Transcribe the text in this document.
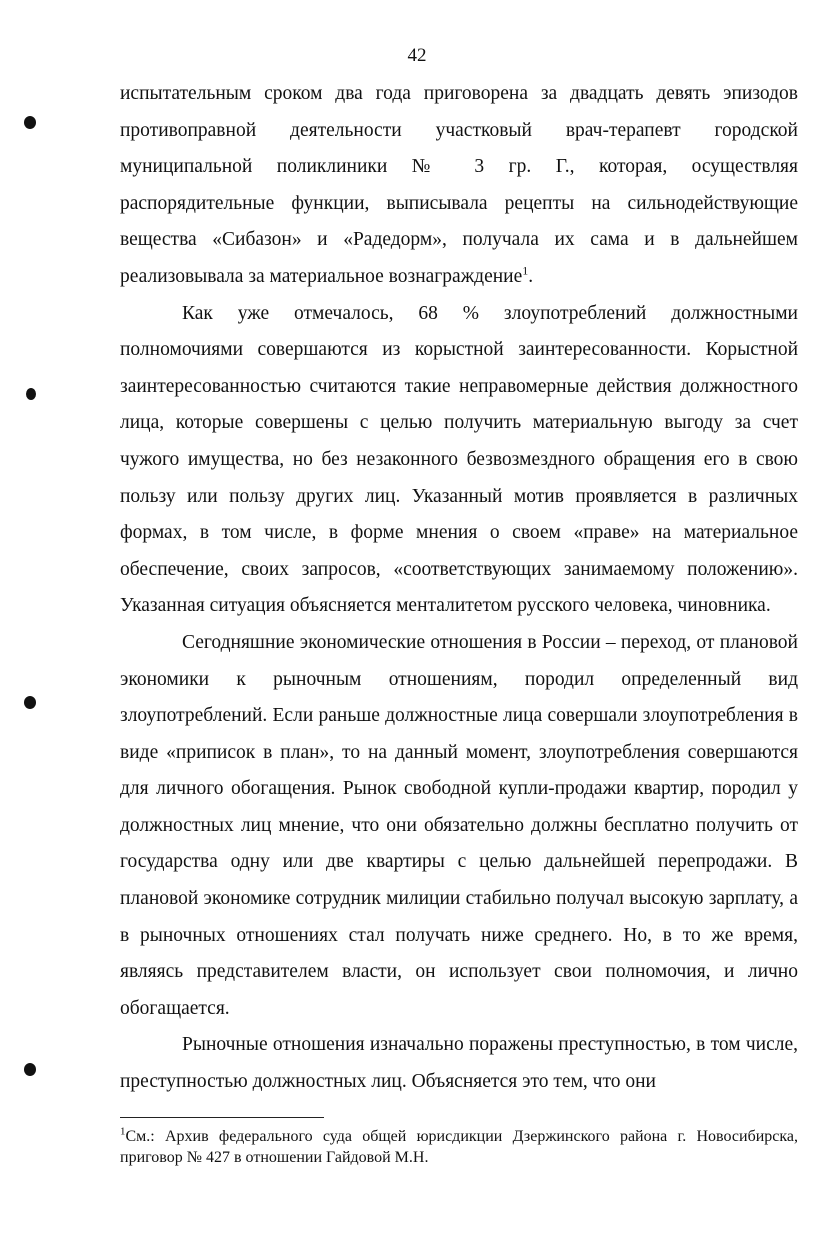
42

испытательным сроком два года приговорена за двадцать девять эпизодов противоправной деятельности участковый врач-терапевт городской муниципальной поликлиники № 3 гр. Г., которая, осуществляя распорядительные функции, выписывала рецепты на сильнодействующие вещества «Сибазон» и «Радедорм», получала их сама и в дальнейшем реализовывала за материальное вознаграждение$^1$.

Как уже отмечалось, 68 % злоупотреблений должностными полномочиями совершаются из корыстной заинтересованности. Корыстной заинтересованностью считаются такие неправомерные действия должностного лица, которые совершены с целью получить материальную выгоду за счет чужого имущества, но без незаконного безвозмездного обращения его в свою пользу или пользу других лиц. Указанный мотив проявляется в различных формах, в том числе, в форме мнения о своем «праве» на материальное обеспечение, своих запросов, «соответствующих занимаемому положению». Указанная ситуация объясняется менталитетом русского человека, чиновника.

Сегодняшние экономические отношения в России – переход, от плановой экономики к рыночным отношениям, породил определенный вид злоупотреблений. Если раньше должностные лица совершали злоупотребления в виде «приписок в план», то на данный момент, злоупотребления совершаются для личного обогащения. Рынок свободной купли-продажи квартир, породил у должностных лиц мнение, что они обязательно должны бесплатно получить от государства одну или две квартиры с целью дальнейшей перепродажи. В плановой экономике сотрудник милиции стабильно получал высокую зарплату, а в рыночных отношениях стал получать ниже среднего. Но, в то же время, являясь представителем власти, он использует свои полномочия, и лично обогащается.

Рыночные отношения изначально поражены преступностью, в том числе, преступностью должностных лиц. Объясняется это тем, что они

$^1$См.: Архив федерального суда общей юрисдикции Дзержинского района г. Новосибирска, приговор № 427 в отношении Гайдовой М.Н.
